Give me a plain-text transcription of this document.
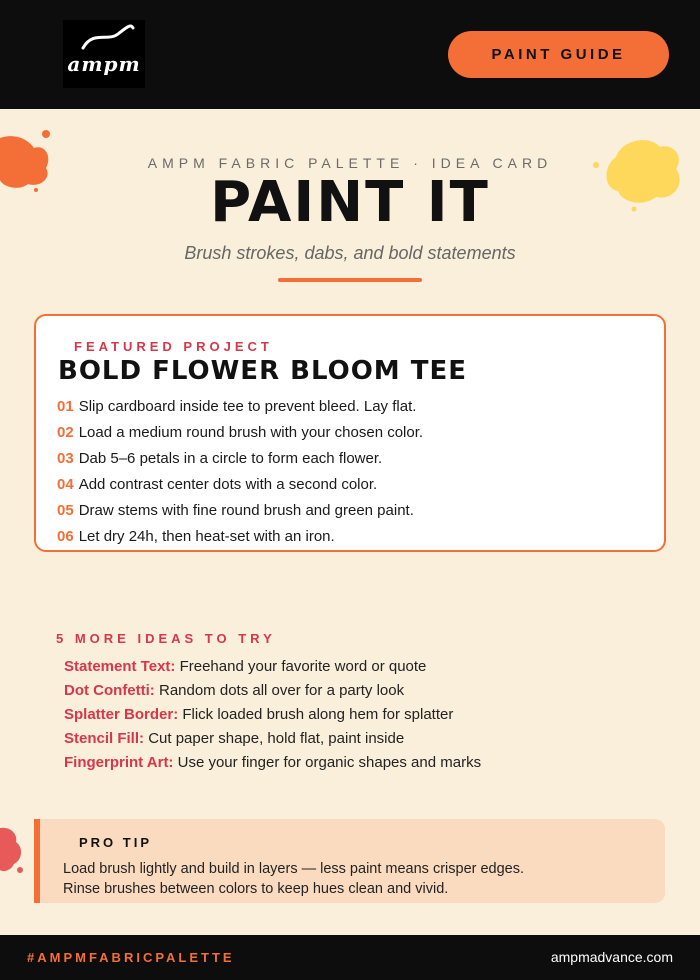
ampm	PAINT GUIDE
AMPM FABRIC PALETTE · IDEA CARD
PAINT IT
Brush strokes, dabs, and bold statements
FEATURED PROJECT
BOLD FLOWER BLOOM TEE
01 Slip cardboard inside tee to prevent bleed. Lay flat.
02 Load a medium round brush with your chosen color.
03 Dab 5–6 petals in a circle to form each flower.
04 Add contrast center dots with a second color.
05 Draw stems with fine round brush and green paint.
06 Let dry 24h, then heat-set with an iron.
5 MORE IDEAS TO TRY
Statement Text: Freehand your favorite word or quote
Dot Confetti: Random dots all over for a party look
Splatter Border: Flick loaded brush along hem for splatter
Stencil Fill: Cut paper shape, hold flat, paint inside
Fingerprint Art: Use your finger for organic shapes and marks
PRO TIP
Load brush lightly and build in layers — less paint means crisper edges.
Rinse brushes between colors to keep hues clean and vivid.
#AMPMFABRICPALETTE	ampmadvance.com
